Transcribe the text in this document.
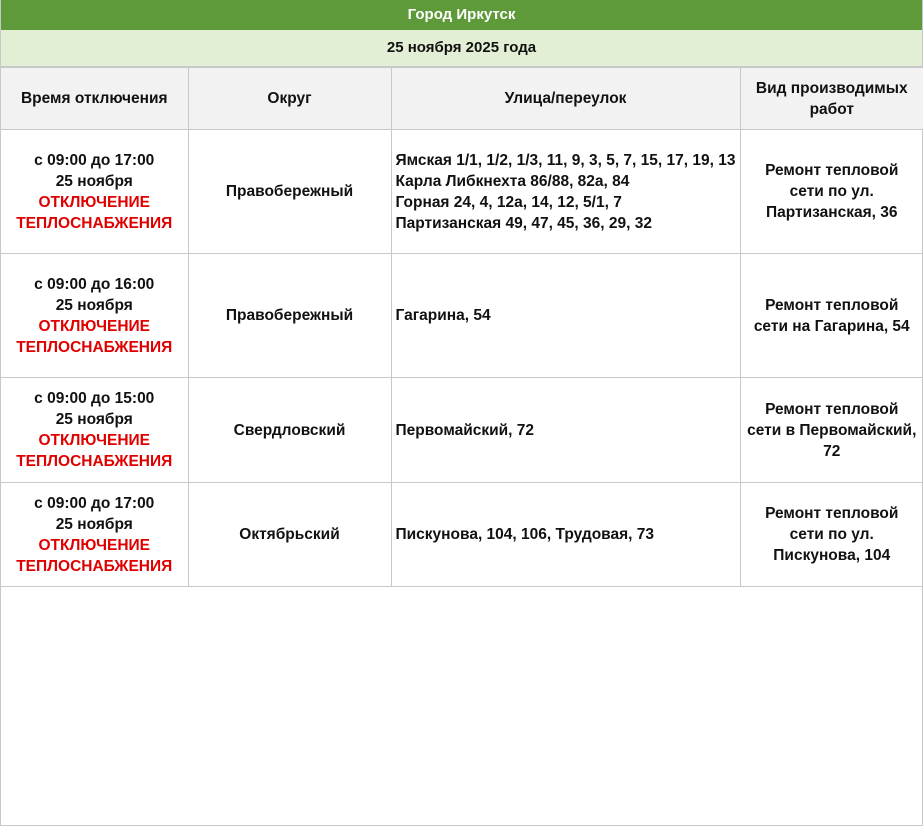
Город Иркутск
25 ноября 2025 года
Время отключения	Округ	Улица/переулок	Вид производимых
работ

с 09:00 до 17:00
25 ноября
ОТКЛЮЧЕНИЕ
ТЕПЛОСНАБЖЕНИЯ	Правобережный	Ямская 1/1, 1/2, 1/3, 11, 9, 3, 5, 7, 15, 17, 19, 13
Карла Либкнехта 86/88, 82а, 84
Горная 24, 4, 12а, 14, 12, 5/1, 7
Партизанская 49, 47, 45, 36, 29, 32	Ремонт тепловой
сети по ул.
Партизанская, 36

с 09:00 до 16:00
25 ноября
ОТКЛЮЧЕНИЕ
ТЕПЛОСНАБЖЕНИЯ	Правобережный	Гагарина, 54	Ремонт тепловой
сети на Гагарина, 54

с 09:00 до 15:00
25 ноября
ОТКЛЮЧЕНИЕ
ТЕПЛОСНАБЖЕНИЯ	Свердловский	Первомайский, 72	Ремонт тепловой
сети в Первомайский,
72

с 09:00 до 17:00
25 ноября
ОТКЛЮЧЕНИЕ
ТЕПЛОСНАБЖЕНИЯ	Октябрьский	Пискунова, 104, 106, Трудовая, 73	Ремонт тепловой
сети по ул.
Пискунова, 104
